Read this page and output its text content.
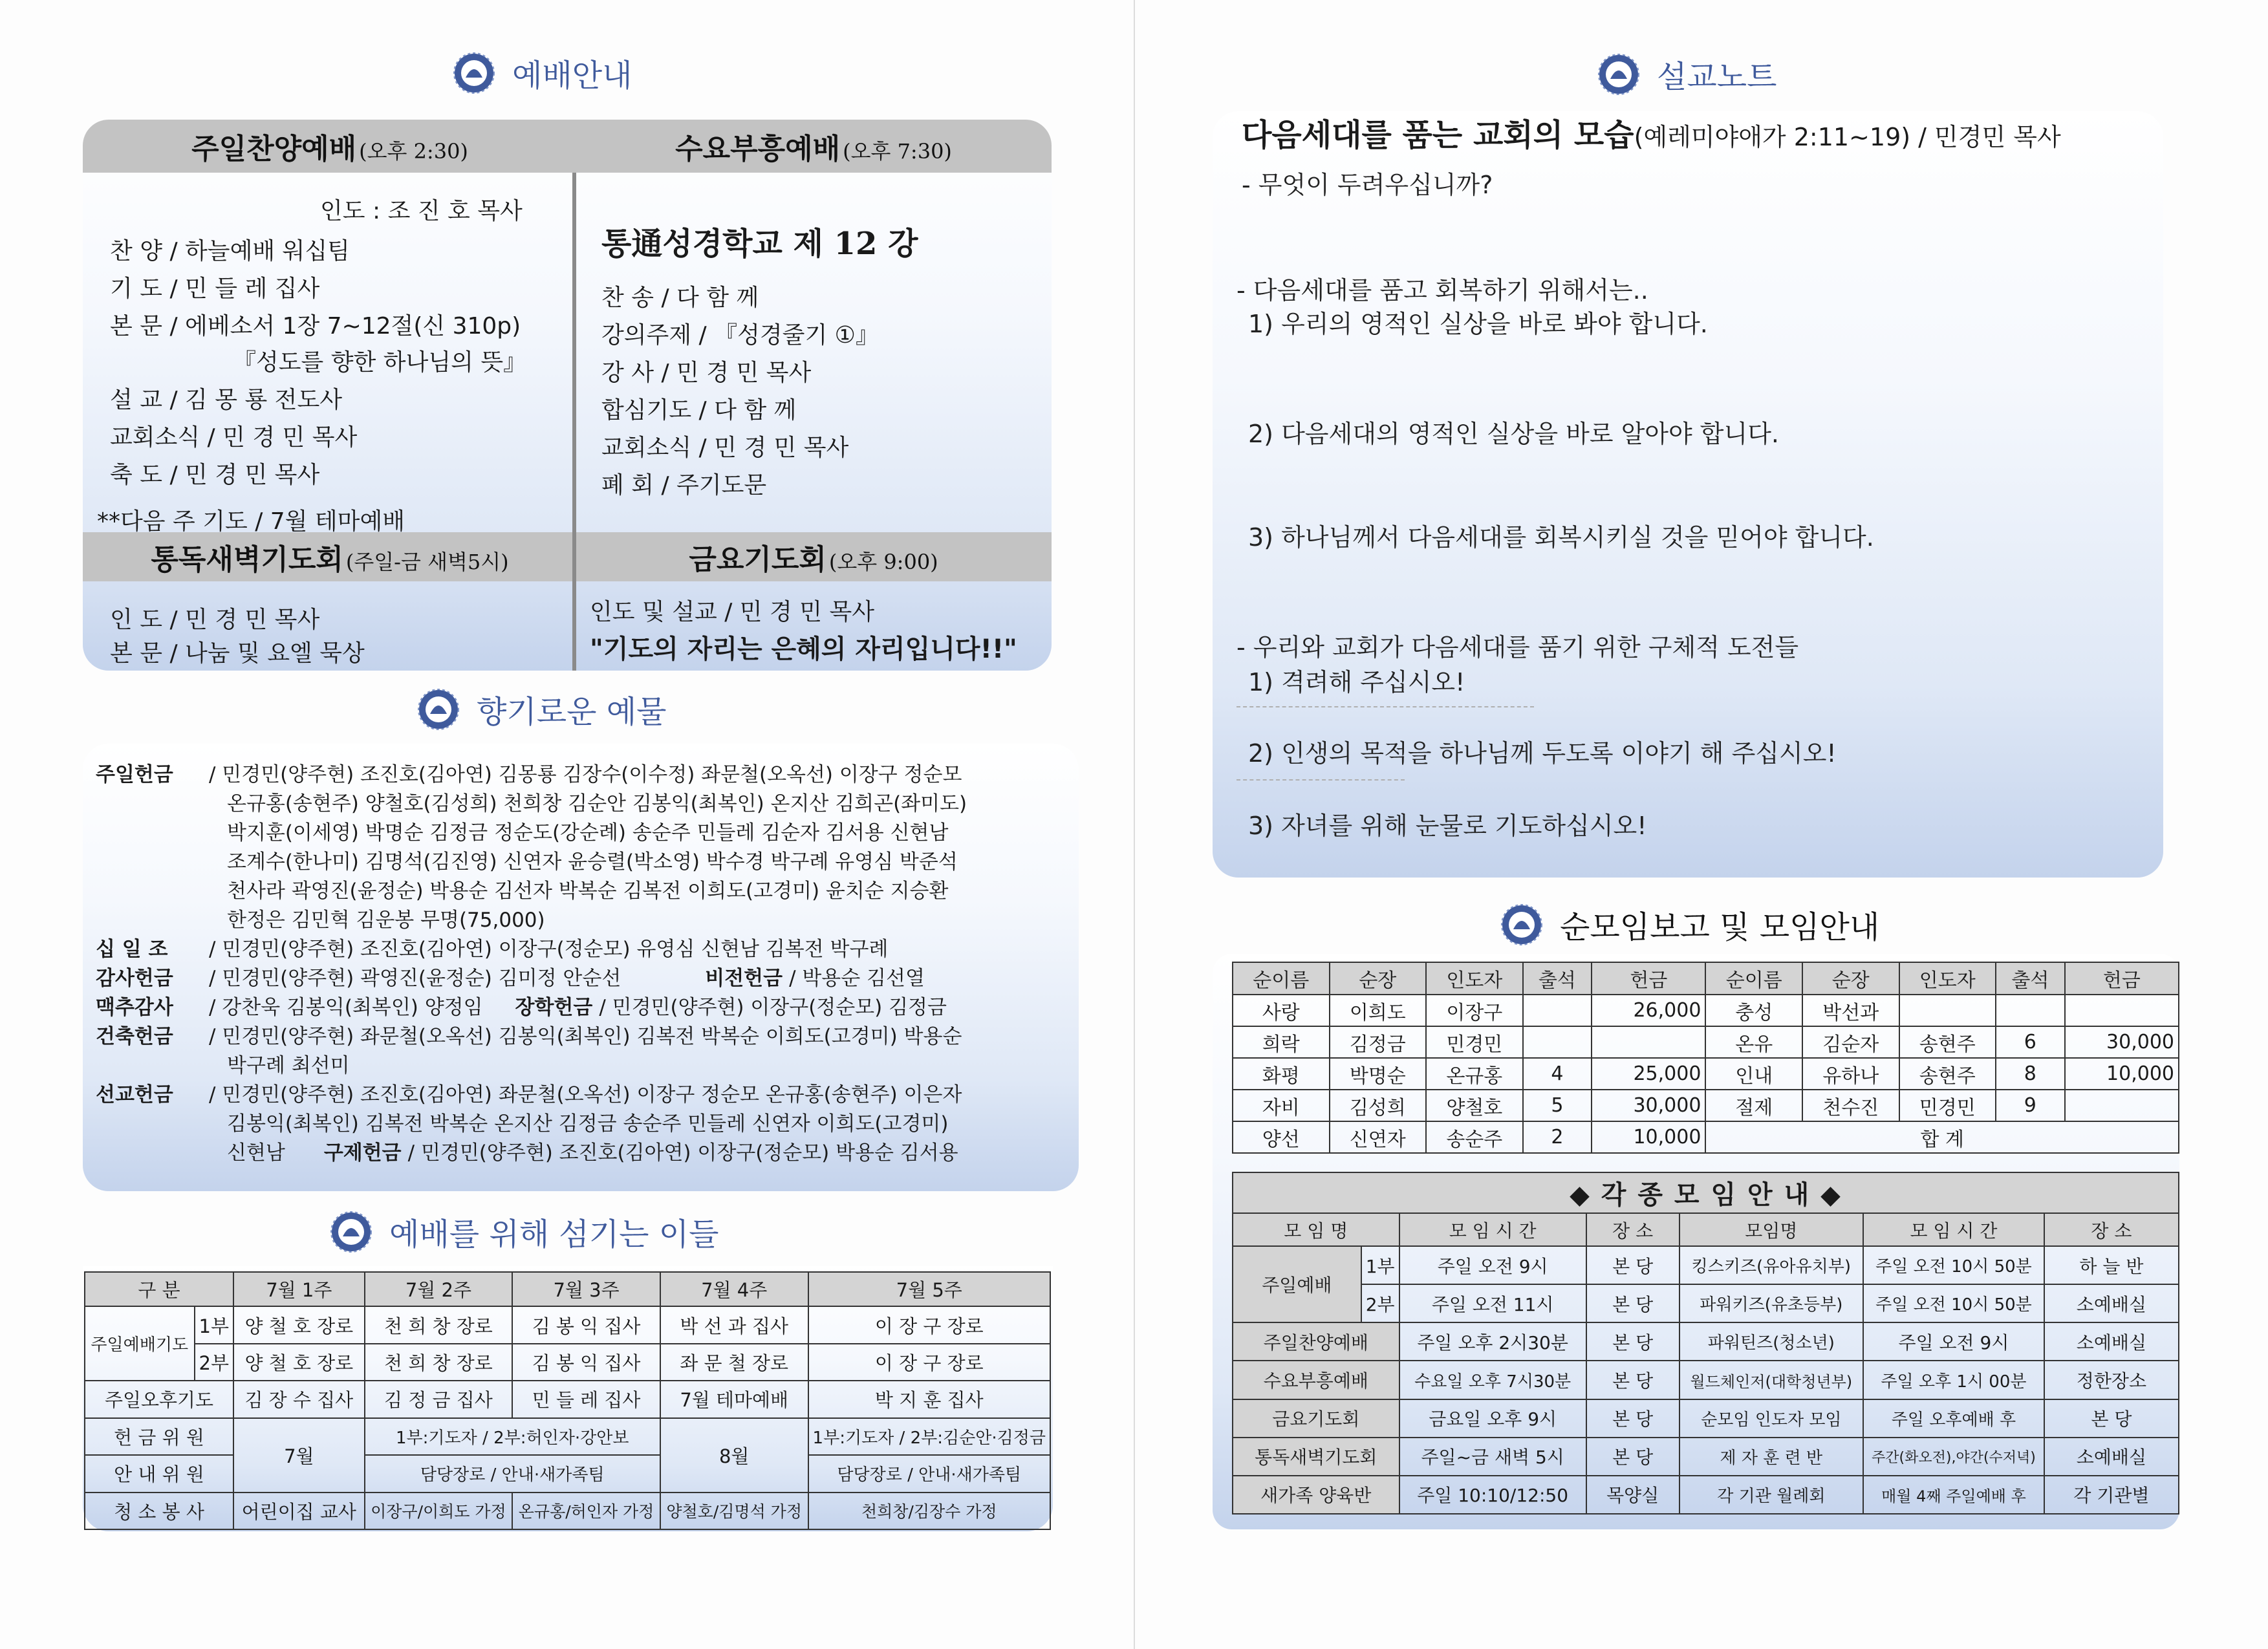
예배안내
주일찬양예배 (오후 2:30)	수요부흥예배 (오후 7:30)
인도 : 조 진 호 목사
찬 양 / 하늘예배 워십팀
기 도 / 민 들 레 집사
본 문 / 에베소서 1장 7~12절(신 310p)
『성도를 향한 하나님의 뜻』
설 교 / 김 몽 룡 전도사
교회소식 / 민 경 민 목사
축 도 / 민 경 민 목사
**다음 주 기도 / 7월 테마예배
통通성경학교 제 12 강
찬 송 / 다 함 께
강의주제 / 『성경줄기 ①』
강 사 / 민 경 민 목사
합심기도 / 다 함 께
교회소식 / 민 경 민 목사
폐 회 / 주기도문
통독새벽기도회 (주일-금 새벽5시)	금요기도회 (오후 9:00)
인 도 / 민 경 민 목사
본 문 / 나눔 및 요엘 묵상
인도 및 설교 / 민 경 민 목사
"기도의 자리는 은혜의 자리입니다!!"
향기로운 예물
주일헌금	/ 민경민(양주현) 조진호(김아연) 김몽룡 김장수(이수정) 좌문철(오옥선) 이장구 정순모
온규홍(송현주) 양철호(김성희) 천희창 김순안 김봉익(최복인) 온지산 김희곤(좌미도)
박지훈(이세영) 박명순 김정금 정순도(강순례) 송순주 민들레 김순자 김서용 신현남
조계수(한나미) 김명석(김진영) 신연자 윤승렬(박소영) 박수경 박구례 유영심 박준석
천사라 곽영진(윤정순) 박용순 김선자 박복순 김복전 이희도(고경미) 윤치순 지승환
한정은 김민혁 김운봉 무명(75,000)
십 일 조	/ 민경민(양주현) 조진호(김아연) 이장구(정순모) 유영심 신현남 김복전 박구례
감사헌금	/ 민경민(양주현) 곽영진(윤정순) 김미정 안순선	비전헌금 / 박용순 김선열
맥추감사	/ 강찬욱 김봉익(최복인) 양정임 장학헌금 / 민경민(양주현) 이장구(정순모) 김정금
건축헌금	/ 민경민(양주현) 좌문철(오옥선) 김봉익(최복인) 김복전 박복순 이희도(고경미) 박용순
박구례 최선미
선교헌금	/ 민경민(양주현) 조진호(김아연) 좌문철(오옥선) 이장구 정순모 온규홍(송현주) 이은자
김봉익(최복인) 김복전 박복순 온지산 김정금 송순주 민들레 신연자 이희도(고경미)
신현남 구제헌금 / 민경민(양주현) 조진호(김아연) 이장구(정순모) 박용순 김서용
예배를 위해 섬기는 이들
구 분		7월 1주	7월 2주	7월 3주	7월 4주	7월 5주
주일예배기도	1부	양 철 호 장로	천 희 창 장로	김 봉 익 집사	박 선 과 집사	이 장 구 장로
	2부	양 철 호 장로	천 희 창 장로	김 봉 익 집사	좌 문 철 장로	이 장 구 장로
주일오후기도		김 장 수 집사	김 정 금 집사	민 들 레 집사	7월 테마예배	박 지 훈 집사
헌 금 위 원		7월	1부:기도자 / 2부:허인자·강안보		8월	1부:기도자 / 2부:김순안·김정금
안 내 위 원			담당장로 / 안내·새가족팀			담당장로 / 안내·새가족팀
청 소 봉 사		어린이집 교사	이장구/이희도 가정	온규홍/허인자 가정	양철호/김명석 가정	천희창/김장수 가정
설교노트
다음세대를 품는 교회의 모습(예레미야애가 2:11~19) / 민경민 목사
- 무엇이 두려우십니까?
- 다음세대를 품고 회복하기 위해서는..
1) 우리의 영적인 실상을 바로 봐야 합니다.
2) 다음세대의 영적인 실상을 바로 알아야 합니다.
3) 하나님께서 다음세대를 회복시키실 것을 믿어야 합니다.
- 우리와 교회가 다음세대를 품기 위한 구체적 도전들
1) 격려해 주십시오!
2) 인생의 목적을 하나님께 두도록 이야기 해 주십시오!
3) 자녀를 위해 눈물로 기도하십시오!
순모임보고 및 모임안내
순이름	순장	인도자	출석	헌금	순이름	순장	인도자	출석	헌금
사랑	이희도	이장구		26,000	충성	박선과			
희락	김정금	민경민			온유	김순자	송현주	6	30,000
화평	박명순	온규홍	4	25,000	인내	유하나	송현주	8	10,000
자비	김성희	양철호	5	30,000	절제	천수진	민경민	9	
양선	신연자	송순주	2	10,000	합 계				
◆ 각 종 모 임 안 내 ◆						
모 임 명		모 임 시 간	장 소	모임명	모 임 시 간	장 소
주일예배	1부	주일 오전 9시	본 당	킹스키즈(유아유치부)	주일 오전 10시 50분	하 늘 반
	2부	주일 오전 11시	본 당	파워키즈(유초등부)	주일 오전 10시 50분	소예배실
주일찬양예배		주일 오후 2시30분	본 당	파워틴즈(청소년)	주일 오전 9시	소예배실
수요부흥예배		수요일 오후 7시30분	본 당	월드체인저(대학청년부)	주일 오후 1시 00분	정한장소
금요기도회		금요일 오후 9시	본 당	순모임 인도자 모임	주일 오후예배 후	본 당
통독새벽기도회		주일~금 새벽 5시	본 당	제 자 훈 련 반	주간(화오전),야간(수저녁)	소예배실
새가족 양육반		주일 10:10/12:50	목양실	각 기관 월례회	매월 4째 주일예배 후	각 기관별
